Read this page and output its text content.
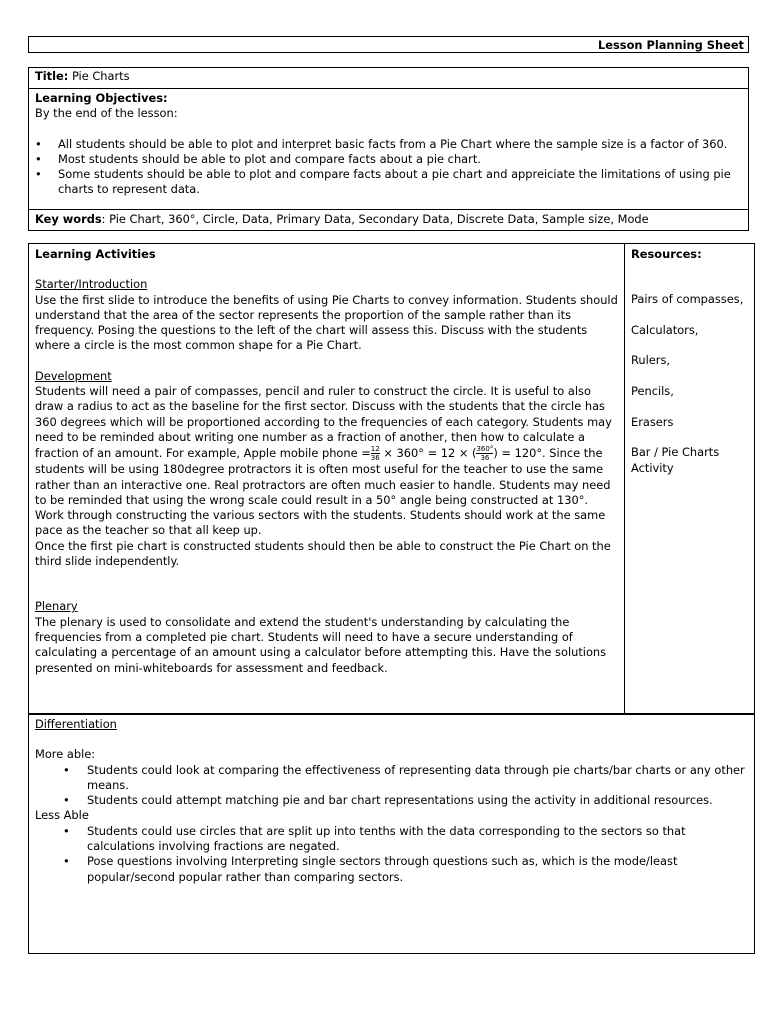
Lesson Planning Sheet
Title: Pie Charts
Learning Objectives:

By the end of the lesson:

• All students should be able to plot and interpret basic facts from a Pie Chart where the sample size is a factor of 360.
• Most students should be able to plot and compare facts about a pie chart.
• Some students should be able to plot and compare facts about a pie chart and appreiciate the limitations of using pie charts to represent data.
Key words: Pie Chart, 360°, Circle, Data, Primary Data, Secondary Data, Discrete Data, Sample size, Mode
Learning Activities

Starter/Introduction

Use the first slide to introduce the benefits of using Pie Charts to convey information. Students should understand that the area of the sector represents the proportion of the sample rather than its frequency. Posing the questions to the left of the chart will assess this. Discuss with the students where a circle is the most common shape for a Pie Chart.

Development

Students will need a pair of compasses, pencil and ruler to construct the circle. It is useful to also draw a radius to act as the baseline for the first sector. Discuss with the students that the circle has 360 degrees which will be proportioned according to the frequencies of each category. Students may need to be reminded about writing one number as a fraction of another, then how to calculate a fraction of an amount. For example, Apple mobile phone = $\frac{12}{36} \times 360^\circ = 12$ × ( $\frac{360^\circ}{36}$ ) = 120°. Since the students will be using 180degree protractors it is often most useful for the teacher to use the same rather than an interactive one. Real protractors are often much easier to handle. Students may need to be reminded that using the wrong scale could result in a 50° angle being constructed at 130°. Work through constructing the various sectors with the students. Students should work at the same pace as the teacher so that all keep up.

Once the first pie chart is constructed students should then be able to construct the Pie Chart on the third slide independently.

Plenary

The plenary is used to consolidate and extend the student's understanding by calculating the frequencies from a completed pie chart. Students will need to have a secure understanding of calculating a percentage of an amount using a calculator before attempting this. Have the solutions presented on mini-whiteboards for assessment and feedback.

Resources:

Pairs of compasses,

Calculators,

Rulers,

Pencils,

Erasers

Bar / Pie Charts Activity

Differentiation

More able:

• Students could look at comparing the effectiveness of representing data through pie charts/bar charts or any other means.
• Students could attempt matching pie and bar chart representations using the activity in additional resources.

Less Able

• Students could use circles that are split up into tenths with the data corresponding to the sectors so that calculations involving fractions are negated.
• Pose questions involving Interpreting single sectors through questions such as, which is the mode/least popular/second popular rather than comparing sectors.
